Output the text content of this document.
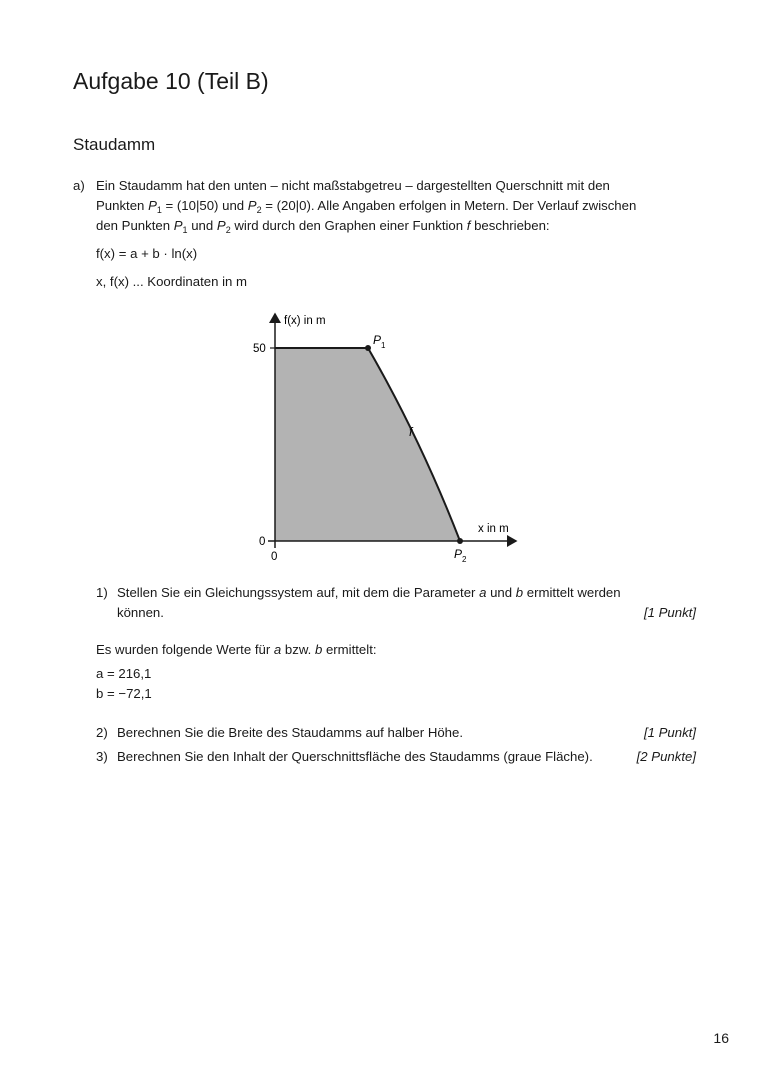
Aufgabe 10 (Teil B)
Staudamm
a) Ein Staudamm hat den unten – nicht maßstabgetreu – dargestellten Querschnitt mit den
Punkten $P_1 = (10|50)$ und $P_2 = (20|0)$. Alle Angaben erfolgen in Metern. Der Verlauf zwischen
den Punkten $P_1$ und $P_2$ wird durch den Graphen einer Funktion f beschrieben:
f(x) = a + b · ln(x)
x, f(x) ... Koordinaten in m
f(x) in m
x in m
50
0
0
P 1
P 2
f
1) Stellen Sie ein Gleichungssystem auf, mit dem die Parameter a und b ermittelt werden
können.	[1 Punkt]
Es wurden folgende Werte für a bzw. b ermittelt:
a = 216,1
b = −72,1
2) Berechnen Sie die Breite des Staudamms auf halber Höhe.	[1 Punkt]
3) Berechnen Sie den Inhalt der Querschnittsfläche des Staudamms (graue Fläche).	[2 Punkte]
16
